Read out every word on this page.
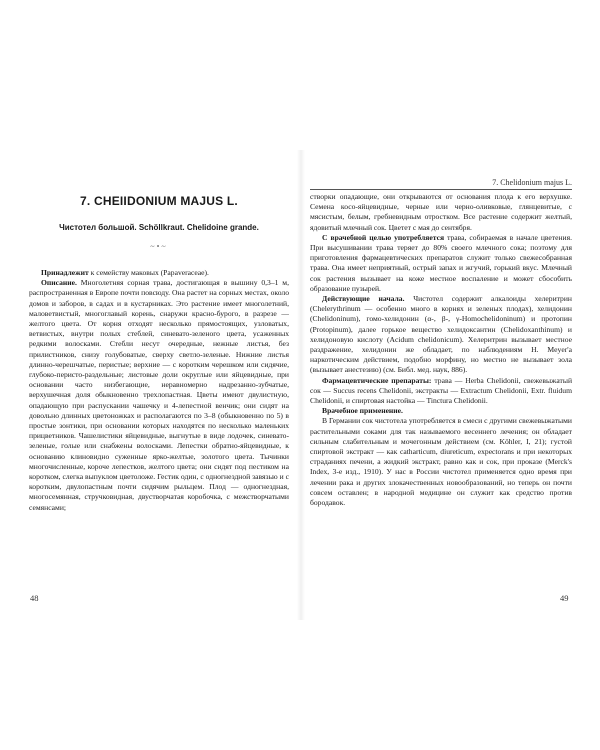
7. Chelidonium majus L.
7. CHEIIDONIUM MAJUS L.
Чистотел большой. Schöllkraut. Chelidoine grande.
~•~

Принадлежит к семейству маковых (Papaveraceae).

Описание. Многолетняя сорная трава, достигающая в вышину 0,3–1 м, распространенная в Европе почти повсюду. Она растет на сорных местах, около домов и заборов, в садах и в кустарниках. Это растение имеет многолетний, маловетвистый, многоглавый корень, снаружи красно-бурого, в разрезе — желтого цвета. От корня отходят несколько прямостоящих, узловатых, ветвистых, внутри полых стеблей, синевато-зеленого цвета, усаженных редкими волосками. Стебли несут очередные, нежные листья, без прилистников, снизу голубоватые, сверху светло-зеленые. Нижние листья длинно-черешчатые, перистые; верхние — с коротким черешком или сидячие, глубоко-перисто-раздельные; листовые доли округлые или яйцевидные, при основании часто низбегающие, неравномерно надрезанно-зубчатые, верхушечная доля обыкновенно трехлопастная. Цветы имеют двулистную, опадающую при распускании чашечку и 4-лепестной венчик; они сидят на довольно длинных цветоножках и располагаются по 3–8 (обыкновенно по 5) в простые зонтики, при основании которых находятся по несколько маленьких прицветников. Чашелистики яйцевидные, выгнутые в виде лодочек, синевато-зеленые, голые или снабжены волосками. Лепестки обратно-яйцевидные, к основанию клиновидно суженные ярко-желтые, золотого цвета. Тычинки многочисленные, короче лепестков, желтого цвета; они сидят под пестиком на коротком, слегка выпуклом цветоложе. Гестик один, с одногнездной завязью и с коротким, двулопастным почти сидячим рыльцем. Плод — одногнездная, многосемянная, стручковидная, двустворчатая коробочка, с межстворчатыми семянсами;

створки опадающие, они открываются от основания плода к его верхушке. Семена косо-яйцевидные, черные или черно-оливковые, глянцевитые, с мясистым, белым, гребневидным отростком. Все растение содержит желтый, ядовитый млечный сок. Цветет с мая до сентября.

С врачебной целью употребляется трава, собираемая в начале цветения. При высушивании трава теряет до 80% своего млечного сока; поэтому для приготовления фармацевтических препаратов служит только свежесобранная трава. Она имеет неприятный, острый запах и жгучий, горький вкус. Млечный сок растения вызывает на коже местное воспаление и может сбособить образование пузырей.

Действующие начала. Чистотел содержит алкалоиды хелеритрин (Chelerythrinum — особенно много в корнях и зеленых плодах), хелидонин (Chelidoninum), гомо-хелидонин (α-, β-, γ-Homochelidoninum) и протопин (Protopinum), далее горькое вещество хелидоксантин (Chelidoxanthinum) и хелидоновую кислоту (Acidum chelidonicum). Хелеритрин вызывает местное раздражение, хелидонин же обладает, по наблюдениям H. Meyer'а наркотическим действием, подобно морфину, но местно не вызывает зола (вызывает анестезию) (см. Библ. мед. наук, 886).

Фармацевтические препараты: трава — Herba Chelidonii, свежевыжатый сок — Succus recens Chelidonii, экстракты — Extractum Chelidonii, Extr. fluidum Chelidonii, и спиртовая настойка — Tinctura Chelidonii.

Врачебное применение.

В Германии сок чистотела употребляется в смеси с другими свежевыжатыми растительными соками для так называемого весеннего лечения; он обладает сильным слабительным и мочегонным действием (см. Köhler, I, 21); густой спиртовой экстракт — как catharticum, diureticum, expectorans и при некоторых страданиях печени, а жидкий экстракт, равно как и сок, при проказе (Merck's Index, 3-е изд., 1910). У нас в России чистотел применяется одно время при лечении рака и других злокачественных новообразований, но теперь он почти совсем оставлен; в народной медицине он служит как средство против бородавок.

48	49
